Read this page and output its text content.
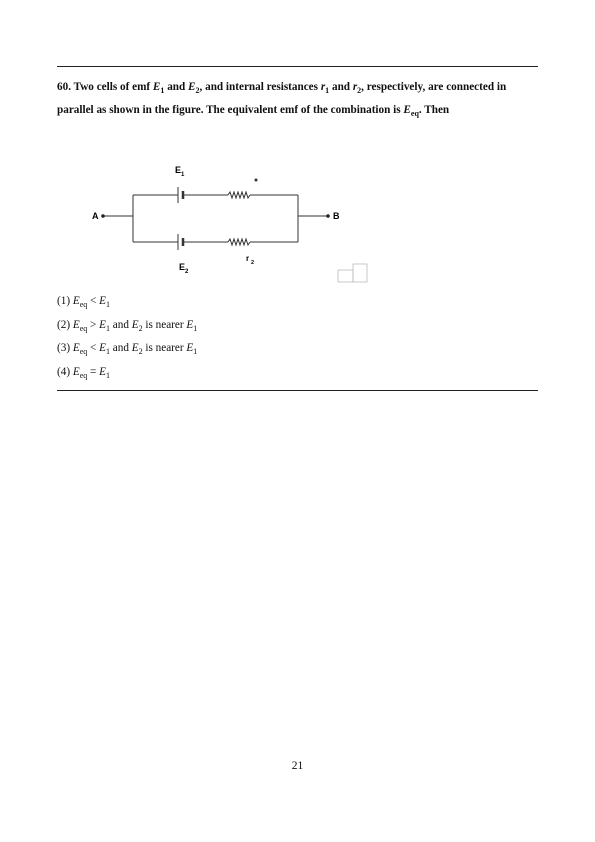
60. Two cells of emf $E_1$ and $E_2$, and internal resistances $r_1$ and $r_2$, respectively, are connected in parallel as shown in the figure. The equivalent emf of the combination is $E_{eq}$. Then
A	B
E 1
E 2
r 2
(1) $E_{eq} < E_1$
(2) $E_{eq} > E_1$ and $E_2$ is nearer $E_1$
(3) $E_{eq} < E_1$ and $E_2$ is nearer $E_1$
(4) $E_{eq} = E_1$
21
